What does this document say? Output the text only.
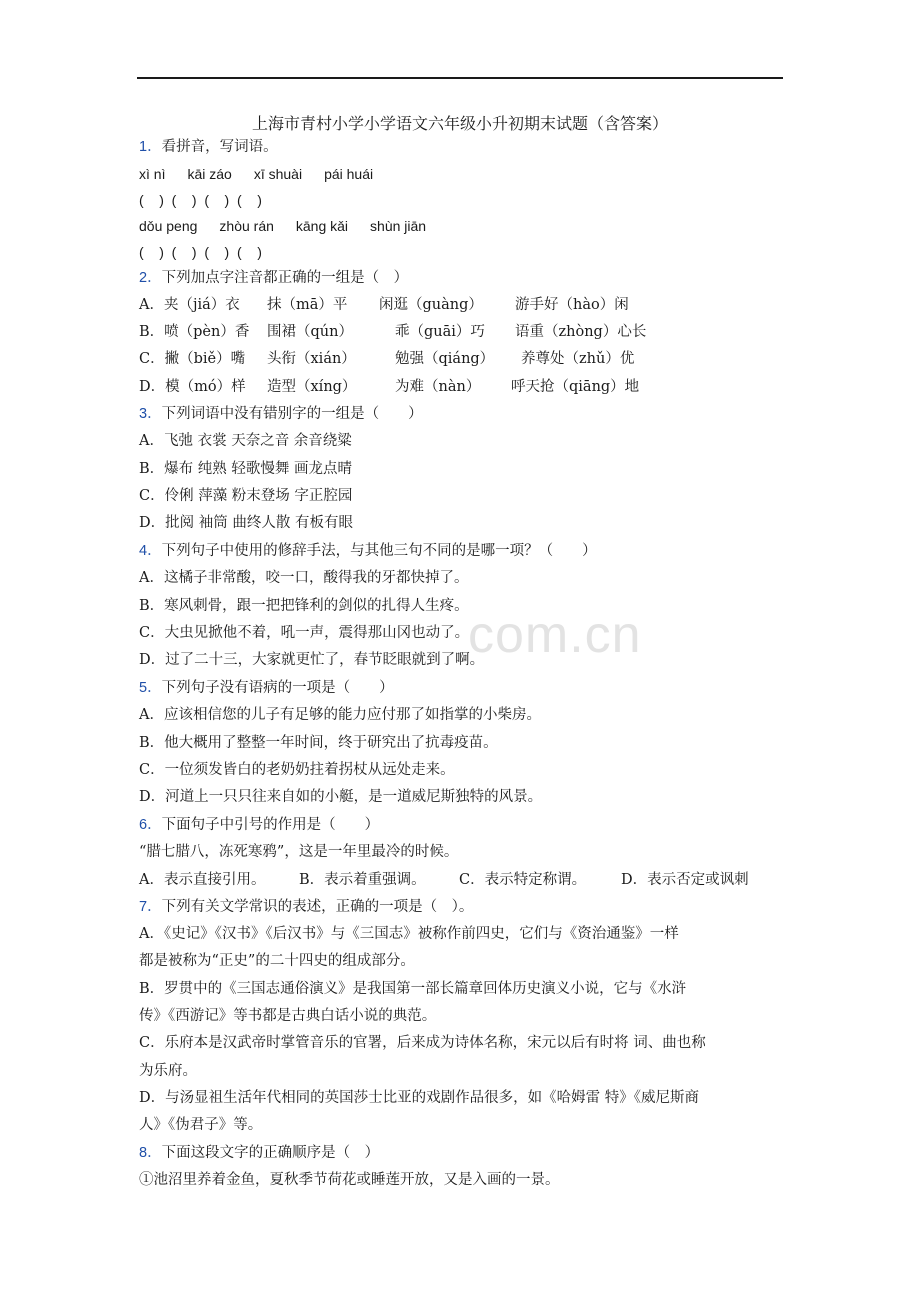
上海市青村小学小学语文六年级小升初期末试题（含答案）
com.cn
1．看拼音，写词语。
xì nì kāi záo xī shuài pái huái
(    )  (    )  (    )  (    )
dǒu peng zhòu rán kāng kǎi shùn jiān
(    )  (    )  (    )  (    )
2．下列加点字注音都正确的一组是（　）
A．夹（jiá）衣 抹（mā）平 闲逛（guàng） 游手好（hào）闲
B．喷（pèn）香 围裙（qún）	乖（guāi）巧 语重（zhòng）心长
C．撇（biě）嘴 头衔（xián）	勉强（qiáng） 养尊处（zhǔ）优
D．模（mó）样 造型（xíng）	为难（nàn） 呼天抢（qiāng）地
3．下列词语中没有错别字的一组是（　　）
A．飞弛 衣裳 天奈之音 余音绕粱
B．爆布 纯熟 轻歌慢舞 画龙点晴
C．伶俐 萍藻 粉末登场 字正腔园
D．批阅 袖筒 曲终人散 有板有眼
4．下列句子中使用的修辞手法，与其他三句不同的是哪一项？（　　）
A．这橘子非常酸，咬一口，酸得我的牙都快掉了。
B．寒风刺骨，跟一把把锋利的剑似的扎得人生疼。
C．大虫见掀他不着，吼一声，震得那山冈也动了。
D．过了二十三，大家就更忙了，春节眨眼就到了啊。
5．下列句子没有语病的一项是（　　）
A．应该相信您的儿子有足够的能力应付那了如指掌的小柴房。
B．他大概用了整整一年时间，终于研究出了抗毒疫苗。
C．一位须发皆白的老奶奶拄着拐杖从远处走来。
D．河道上一只只往来自如的小艇，是一道威尼斯独特的风景。
6．下面句子中引号的作用是（　　）
“腊七腊八，冻死寒鸦”，这是一年里最冷的时候。
A．表示直接引用。 B．表示着重强调。 C．表示特定称谓。 D．表示否定或讽刺
7．下列有关文学常识的表述，正确的一项是（　）。
A．《史记》《汉书》《后汉书》与《三国志》被称作前四史，它们与《资治通鉴》一样
都是被称为“正史”的二十四史的组成部分。
B．罗贯中的《三国志通俗演义》是我国第一部长篇章回体历史演义小说，它与《水浒
传》《西游记》等书都是古典白话小说的典范。
C．乐府本是汉武帝时掌管音乐的官署，后来成为诗体名称，宋元以后有时将 词、曲也称
为乐府。
D．与汤显祖生活年代相同的英国莎士比亚的戏剧作品很多，如《哈姆雷 特》《威尼斯商
人》《伪君子》等。
8．下面这段文字的正确顺序是（　）
①池沼里养着金鱼，夏秋季节荷花或睡莲开放，又是入画的一景。
